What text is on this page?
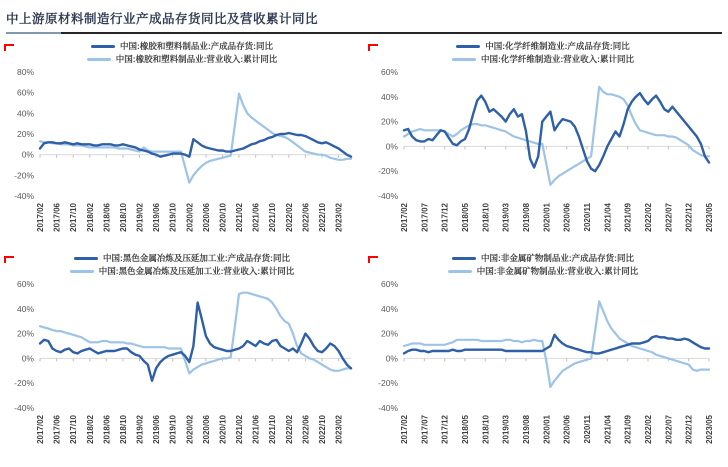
中上游原材料制造行业产成品存货同比及营收累计同比
中国:橡胶和塑料制品业:产成品存货:同比
中国:橡胶和塑料制品业:营业收入:累计同比
2017/02 2017/06 2017/10 2018/02 2018/06 2018/10 2019/02 2019/06 2019/10 2020/02 2020/06 2020/10 2021/02 2021/06 2021/10 2022/02 2022/06 2022/10 2023/02
80%
60%
40%
20%
0%
-20%
-40%
中国:化学纤维制造业:产成品存货:同比
中国:化学纤维制造业:营业收入:累计同比
2017/02 2017/07 2017/12 2018/05 2018/10 2019/03 2019/08 2020/01 2020/06 2020/11 2021/04 2021/09 2022/02 2022/07 2022/12 2023/05
60%
40%
20%
0%
-20%
-40%
中国:黑色金属冶炼及压延加工业:产成品存货:同比
中国:黑色金属冶炼及压延加工业:营业收入:累计同比
2017/02 2017/06 2017/10 2018/02 2018/06 2018/10 2019/02 2019/06 2019/10 2020/02 2020/06 2020/10 2021/02 2021/06 2021/10 2022/02 2022/06 2022/10 2023/02
60%
40%
20%
0%
-20%
-40%
中国:非金属矿物制品业:产成品存货:同比
中国:非金属矿物制品业:营业收入:累计同比
2017/02 2017/07 2017/12 2018/05 2018/10 2019/03 2019/08 2020/01 2020/06 2020/11 2021/04 2021/09 2022/02 2022/07 2022/12 2023/05
60%
40%
20%
0%
-20%
-40%
